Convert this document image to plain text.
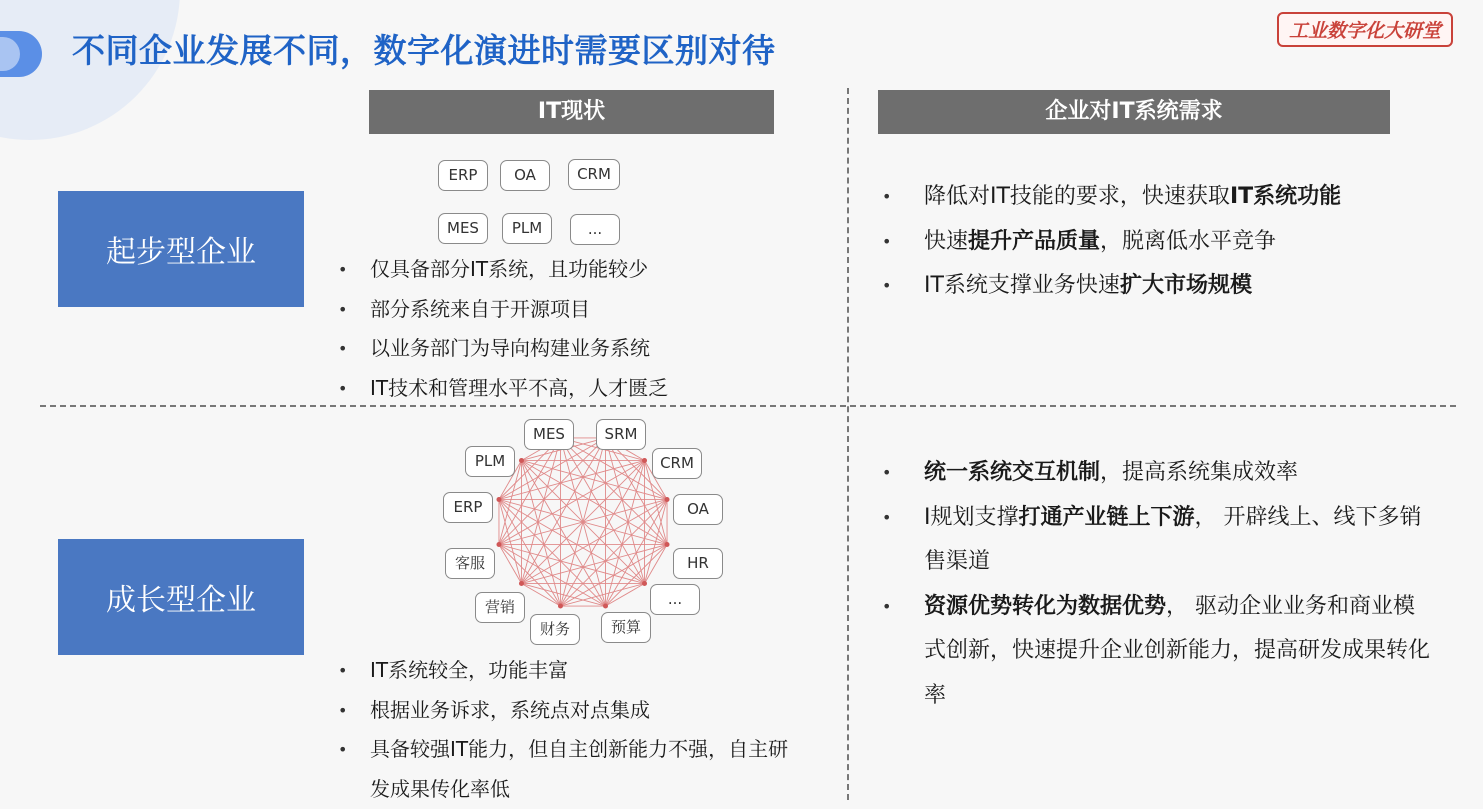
不同企业发展不同，数字化演进时需要区别对待	工业数字化大研堂
IT现状	企业对IT系统需求
起步型企业
ERP	OA	CRM
MES	PLM	...
• 仅具备部分IT系统，且功能较少
• 部分系统来自于开源项目
• 以业务部门为导向构建业务系统
• IT技术和管理水平不高，人才匮乏
• 降低对IT技能的要求，快速获取IT系统功能
• 快速提升产品质量，脱离低水平竞争
• IT系统支撑业务快速扩大市场规模
成长型企业
MES	SRM
CRM
OA
HR
...
预算
财务
营销
客服
ERP
PLM
• IT系统较全，功能丰富
• 根据业务诉求，系统点对点集成
• 具备较强IT能力，但自主创新能力不强，自主研发成果传化率低
• 统一系统交互机制，提高系统集成效率
• I规划支撑打通产业链上下游， 开辟线上、线下多销售渠道
• 资源优势转化为数据优势， 驱动企业业务和商业模式创新，快速提升企业创新能力，提高研发成果转化率
